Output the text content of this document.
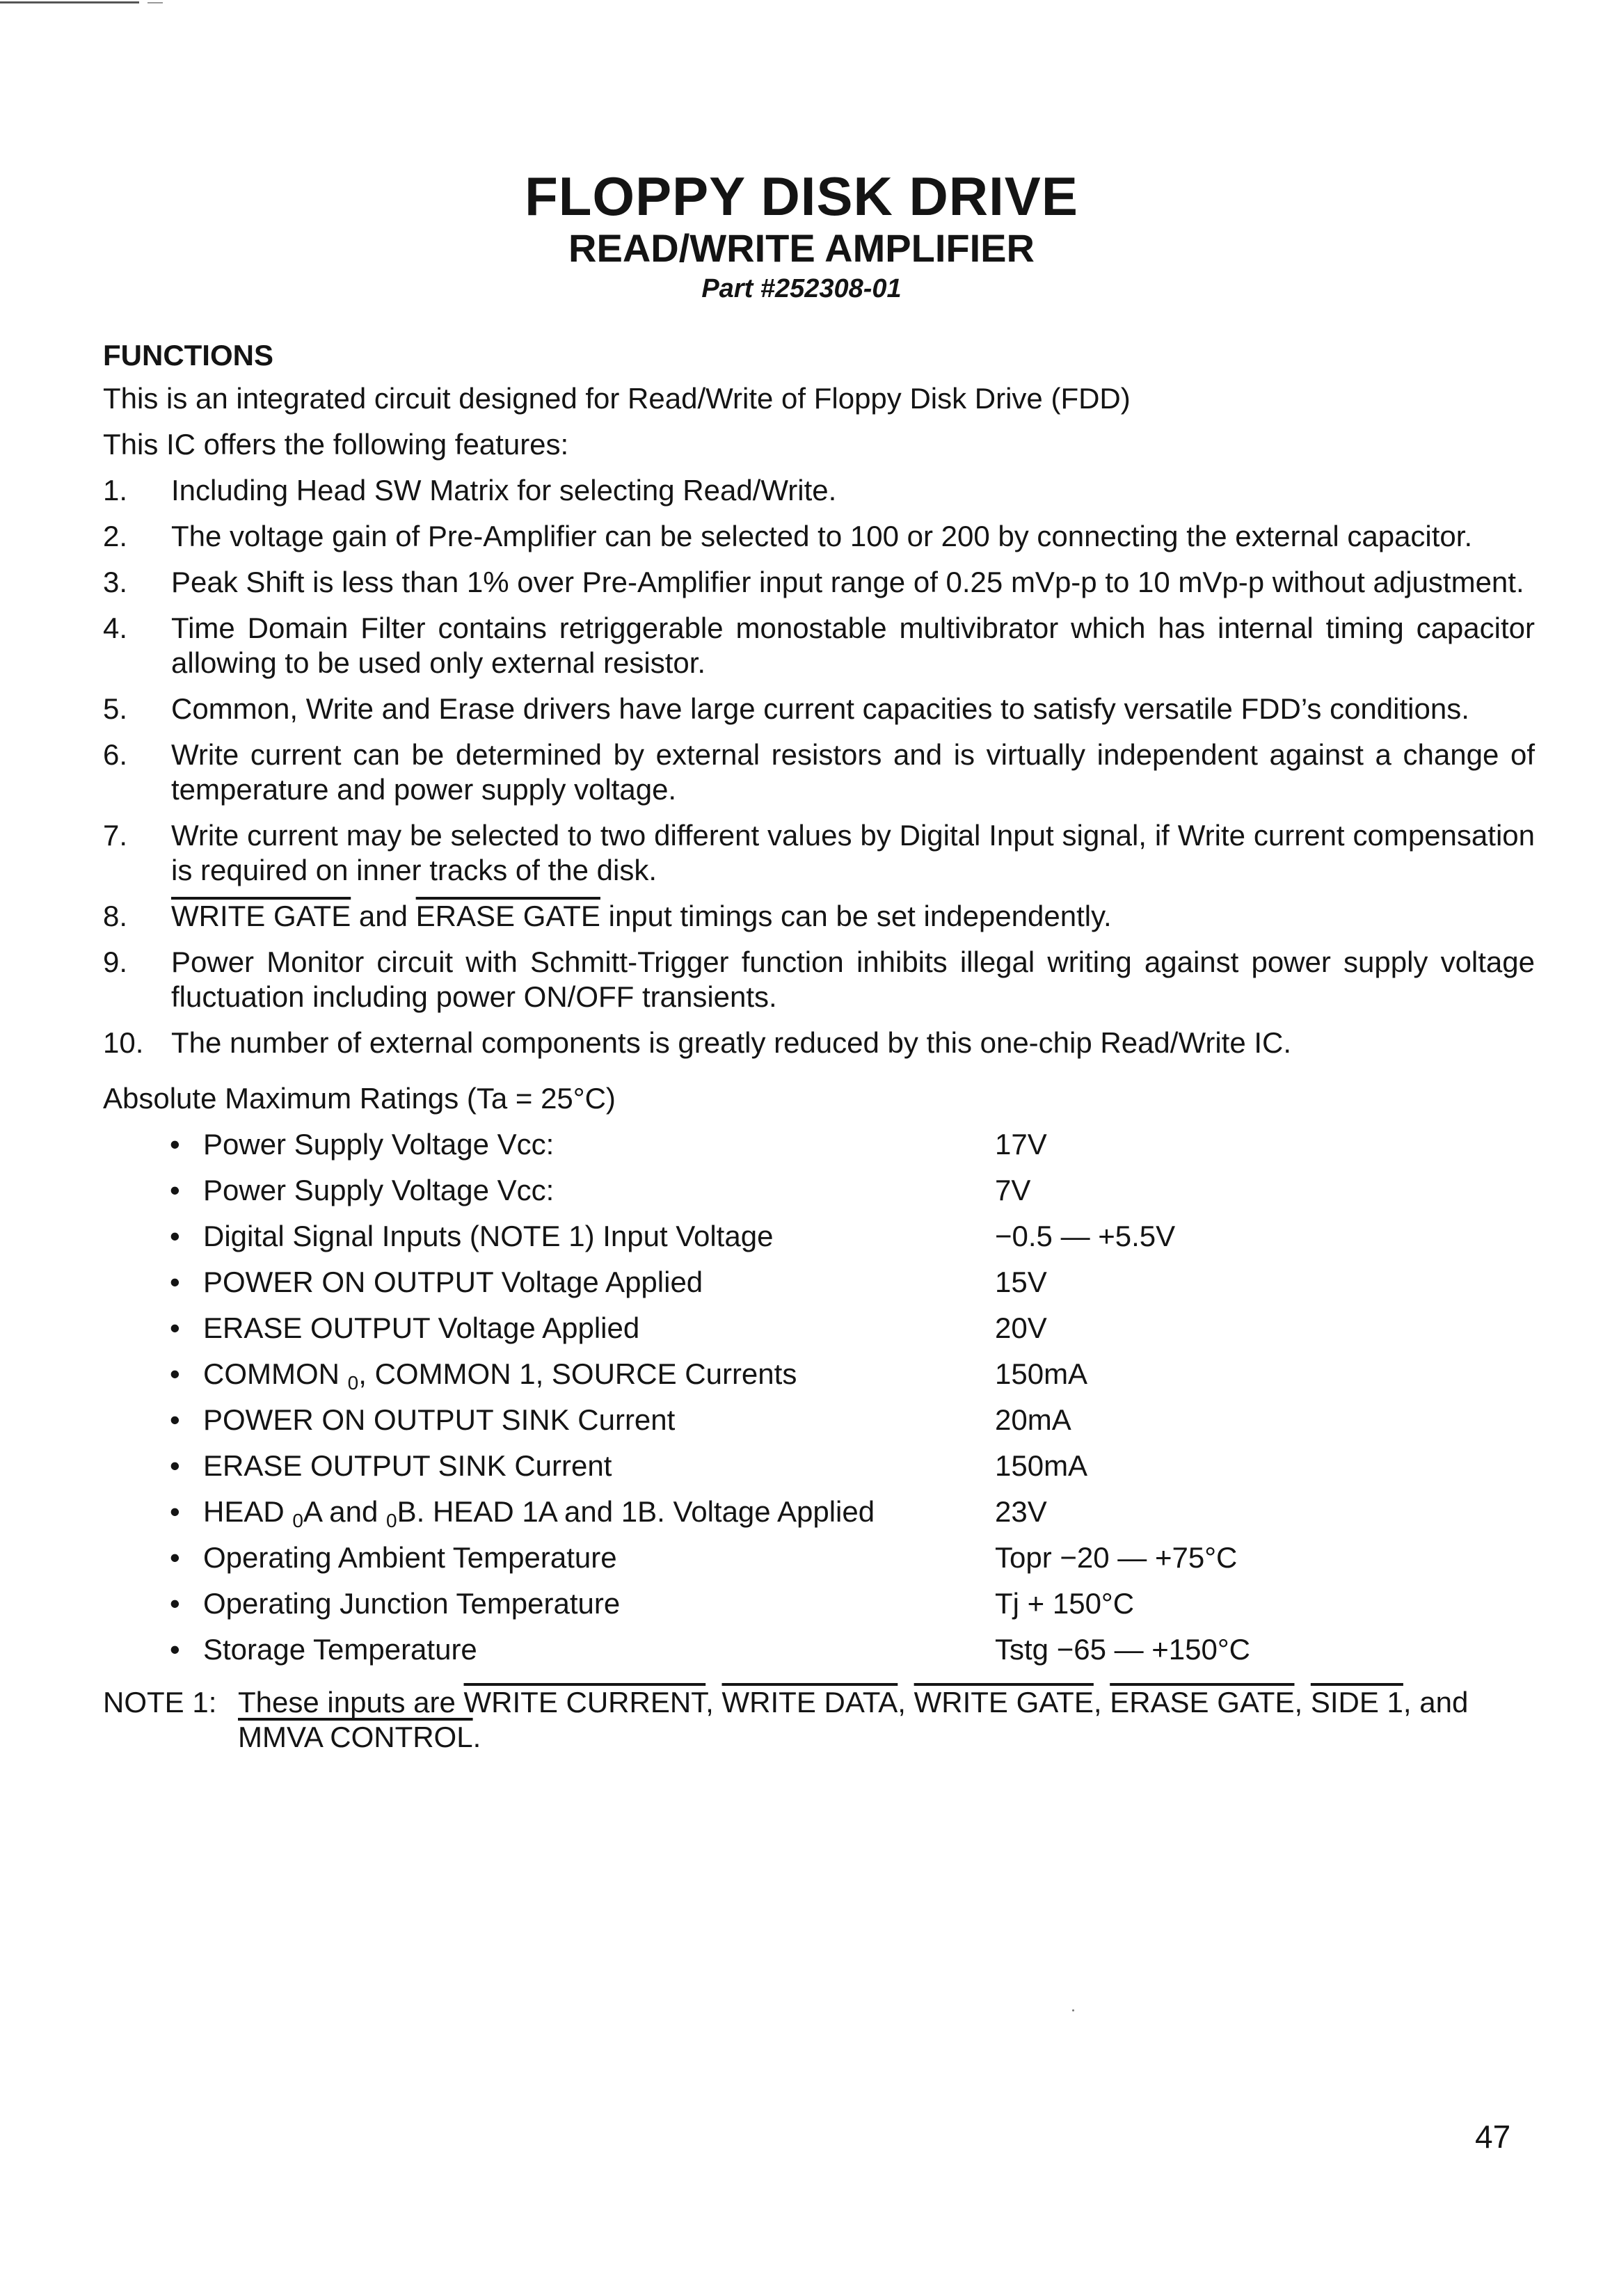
FLOPPY DISK DRIVE
READ/WRITE AMPLIFIER
Part #252308-01
FUNCTIONS

This is an integrated circuit designed for Read/Write of Floppy Disk Drive (FDD)

This IC offers the following features:

1.	Including Head SW Matrix for selecting Read/Write.
2.	The voltage gain of Pre-Amplifier can be selected to 100 or 200 by connecting the external capacitor.
3.	Peak Shift is less than 1% over Pre-Amplifier input range of 0.25 mVp-p to 10 mVp-p without adjustment.
4.	Time Domain Filter contains retriggerable monostable multivibrator which has internal timing capacitor allowing to be used only external resistor.
5.	Common, Write and Erase drivers have large current capacities to satisfy versatile FDD’s conditions.
6.	Write current can be determined by external resistors and is virtually independent against a change of temperature and power supply voltage.
7.	Write current may be selected to two different values by Digital Input signal, if Write current compensation is required on inner tracks of the disk.
8.	WRITE GATE and ERASE GATE input timings can be set independently.
9.	Power Monitor circuit with Schmitt-Trigger function inhibits illegal writing against power supply voltage fluctuation including power ON/OFF transients.
10. The number of external components is greatly reduced by this one-chip Read/Write IC.
Absolute Maximum Ratings (Ta = 25°C)
• Power Supply Voltage Vcc:	17V
• Power Supply Voltage Vcc:	7V
• Digital Signal Inputs (NOTE 1) Input Voltage	−0.5 — +5.5V
• POWER ON OUTPUT Voltage Applied	15V
• ERASE OUTPUT Voltage Applied	20V
• COMMON $_0$, COMMON 1, SOURCE Currents	150mA
• POWER ON OUTPUT SINK Current	20mA
• ERASE OUTPUT SINK Current	150mA
• HEAD $_0$A and $_0$B. HEAD 1A and 1B. Voltage Applied	23V
• Operating Ambient Temperature	Topr −20 — +75°C
• Operating Junction Temperature	Tj + 150°C
• Storage Temperature	Tstg −65 — +150°C
NOTE 1: These inputs are WRITE CURRENT, WRITE DATA, WRITE GATE, ERASE GATE, SIDE 1, and MMVA CONTROL.
47
